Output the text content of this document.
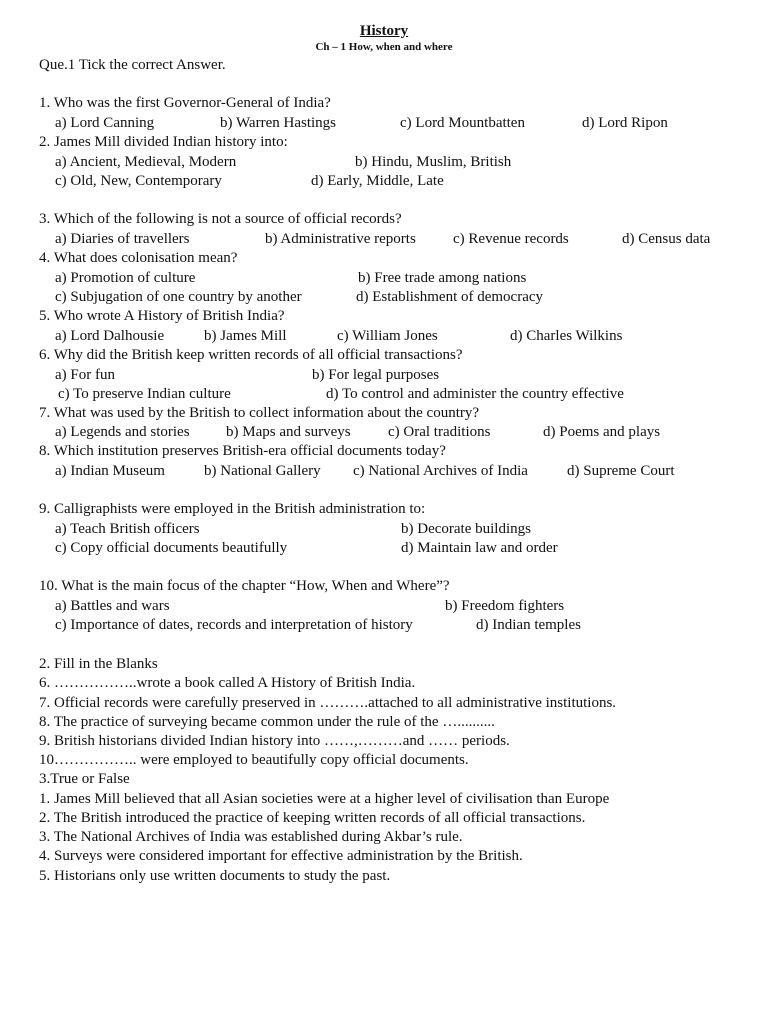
History
Ch – 1 How, when and where
Que.1 Tick the correct Answer.
1. Who was the first Governor-General of India?
a) Lord Canning	b) Warren Hastings	c) Lord Mountbatten	d) Lord Ripon
2. James Mill divided Indian history into:
a) Ancient, Medieval, Modern	b) Hindu, Muslim, British
c) Old, New, Contemporary	d) Early, Middle, Late
3. Which of the following is not a source of official records?
a) Diaries of travellers	b) Administrative reports c) Revenue records	d) Census data
4. What does colonisation mean?
a) Promotion of culture	b) Free trade among nations
c) Subjugation of one country by another	d) Establishment of democracy
5. Who wrote A History of British India?
a) Lord Dalhousie	b) James Mill	c) William Jones	d) Charles Wilkins
6. Why did the British keep written records of all official transactions?
a) For fun	b) For legal purposes
c) To preserve Indian culture	d) To control and administer the country effective
7. What was used by the British to collect information about the country?
a) Legends and stories b) Maps and surveys c) Oral traditions	d) Poems and plays
8. Which institution preserves British-era official documents today?
a) Indian Museum	b) National Gallery c) National Archives of India	d) Supreme Court
9. Calligraphists were employed in the British administration to:
a) Teach British officers	b) Decorate buildings
c) Copy official documents beautifully	d) Maintain law and order
10. What is the main focus of the chapter “How, When and Where”?
a) Battles and wars	b) Freedom fighters
c) Importance of dates, records and interpretation of history	d) Indian temples
2. Fill in the Blanks
6. ……………..wrote a book called A History of British India.
7. Official records were carefully preserved in ……….attached to all administrative institutions.
8. The practice of surveying became common under the rule of the …..........
9. British historians divided Indian history into ……,………and …… periods.
10…………….. were employed to beautifully copy official documents.
3.True or False
1. James Mill believed that all Asian societies were at a higher level of civilisation than Europe
2. The British introduced the practice of keeping written records of all official transactions.
3. The National Archives of India was established during Akbar’s rule.
4. Surveys were considered important for effective administration by the British.
5. Historians only use written documents to study the past.
